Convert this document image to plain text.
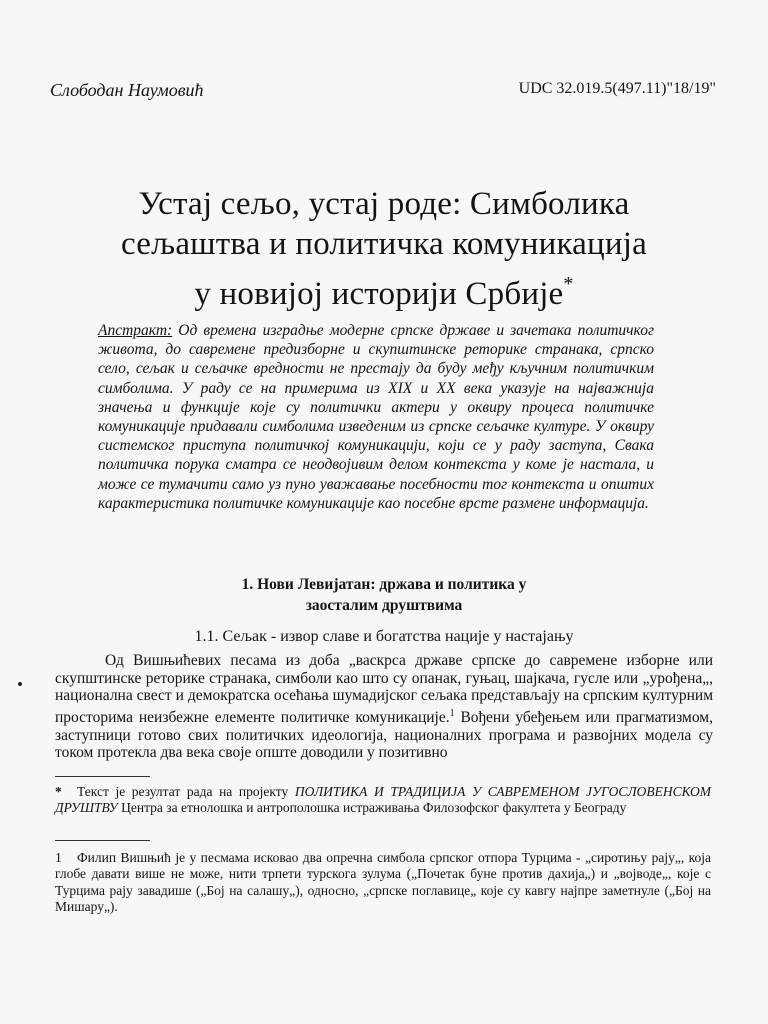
Слободан Наумовић	UDC 32.019.5(497.11)"18/19"
Устај сељо, устај роде: Симболика
сељаштва и политичка комуникација
у новијој историји Србије*
Апстракт: Од времена изградње модерне српске државе и зачетака политичког живота, до савремене предизборне и скупштинске реторике странака, српско село, сељак и сељачке вредности не престају да буду међу кључним политичким симболима. У раду се на примерима из XIX и XX века указује на најважнија значења и функције које су политички актери у оквиру процеса политичке комуникације придавали симболима изведеним из српске сељачке културе. У оквиру системског приступа политичкој комуникацији, који се у раду заступа, Свака политичка порука сматра се неодвојивим делом контекста у коме је настала, и може се тумачити само уз пуно уважавање посебности тог контекста и општих карактеристика политичке комуникације као посебне врсте размене информација.
1. Нови Левијатан: држава и политика у
заосталим друштвима
1.1. Сељак - извор славе и богатства нације у настајању

Од Вишњићевих песама из доба „васкрса државе српске до савремене изборне или скупштинске реторике странака, симболи као што су опанак, гуњац, шајкача, гусле или „урођена„, национална свест и демократска осећања шумадијског сељака представљају на српским културним просторима неизбежне елементе политичке комуникације.$^1$ Вођени убеђењем или прагматизмом, заступници готово свих политичких идеологија, националних програма и развојних модела су током протекла два века своје опште доводили у позитивно

* Текст је резултат рада на пројекту ПОЛИТИКА И ТРАДИЦИЈА У САВРЕМЕНОМ ЈУГОСЛОВЕНСКОМ ДРУШТВУ Центра за етнолошка и антрополошка истраживања Филозофског факултета у Београду
1 Филип Вишњић је у песмама исковао два опречна симбола српског отпора Турцима - „сиротињу рају„, која глобе давати више не може, нити трпети турскога зулума („Почетак буне против дахија„) и „војводе„, које с Турцима рају завадише („Бој на салашу„), односно, „српске поглавице„ које су кавгу најпре заметнуле („Бој на Мишару„).
